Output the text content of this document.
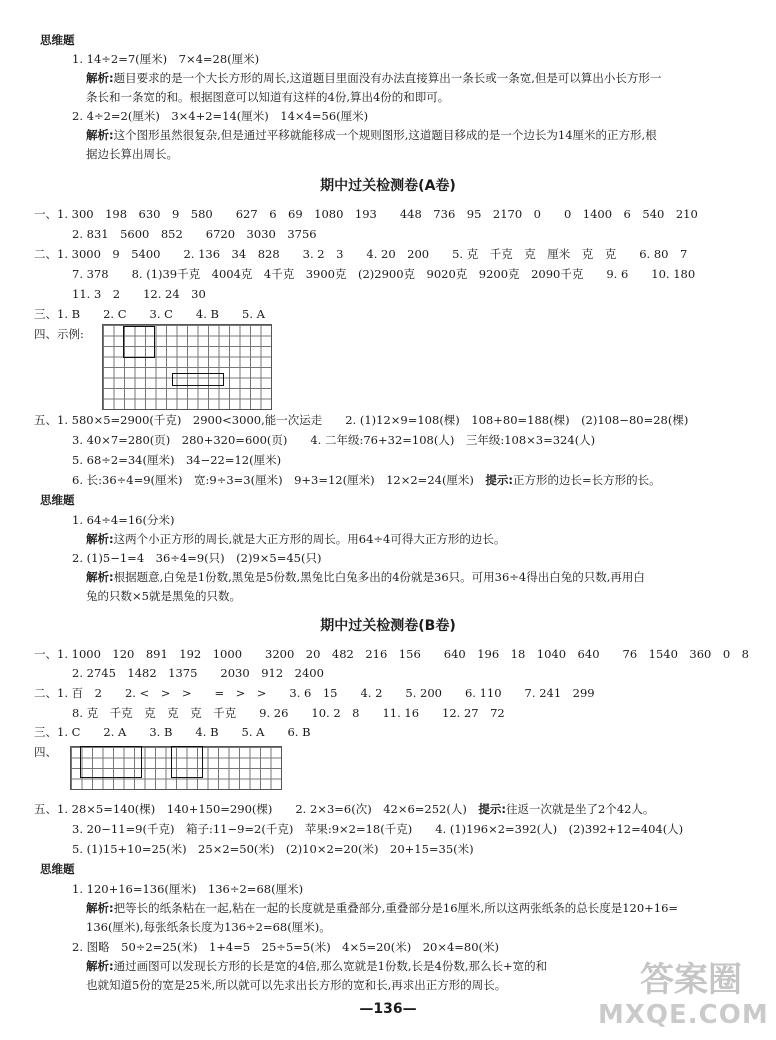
思维题
1. 14÷2=7(厘米)　7×4=28(厘米)
解析:题目要求的是一个大长方形的周长,这道题目里面没有办法直接算出一条长或一条宽,但是可以算出小长方形一
条长和一条宽的和。根据图意可以知道有这样的4份,算出4份的和即可。
2. 4÷2=2(厘米)　3×4+2=14(厘米)　14×4=56(厘米)
解析:这个图形虽然很复杂,但是通过平移就能移成一个规则图形,这道题目移成的是一个边长为14厘米的正方形,根
据边长算出周长。
期中过关检测卷(A卷)
一、1. 300　198　630　9　580　　627　6　69　1080　193　　448　736　95　2170　0　　0　1400　6　540　210
2. 831　5600　852　　6720　3030　3756
二、1. 3000　9　5400　　2. 136　34　828　　3. 2　3　　4. 20　200　　5. 克　千克　克　厘米　克　克　　6. 80　7
7. 378　　8. (1)39千克　4004克　4千克　3900克　(2)2900克　9020克　9200克　2090千克　　9. 6　　10. 180
11. 3　2　　12. 24　30
三、1. B　　2. C　　3. C　　4. B　　5. A
四、示例:
五、1. 580×5=2900(千克)　2900<3000,能一次运走　　2. (1)12×9=108(棵)　108+80=188(棵)　(2)108−80=28(棵)
3. 40×7=280(页)　280+320=600(页)　　4. 二年级:76+32=108(人)　三年级:108×3=324(人)
5. 68÷2=34(厘米)　34−22=12(厘米)
6. 长:36÷4=9(厘米)　宽:9÷3=3(厘米)　9+3=12(厘米)　12×2=24(厘米)　 提示:正方形的边长=长方形的长。
思维题
1. 64÷4=16(分米)
解析:这两个小正方形的周长,就是大正方形的周长。用64÷4可得大正方形的边长。
2. (1)5−1=4　36÷4=9(只)　(2)9×5=45(只)
解析:根据题意,白兔是1份数,黑兔是5份数,黑兔比白兔多出的4份就是36只。可用36÷4得出白兔的只数,再用白
兔的只数×5就是黑兔的只数。
期中过关检测卷(B卷)
一、1. 1000　120　891　192　1000　　3200　20　482　216　156　　640　196　18　1040　640　　76　1540　360　0　8
2. 2745　1482　1375　　2030　912　2400
二、1. 百　2　　2. <　>　>　　=　>　>　　3. 6　15　　4. 2　　5. 200　　6. 110　　7. 241　299
8. 克　千克　克　克　克　千克　　9. 26　　10. 2　8　　11. 16　　12. 27　72
三、1. C　　2. A　　3. B　　4. B　　5. A　　6. B
四、
五、1. 28×5=140(棵)　140+150=290(棵)　　2. 2×3=6(次)　42×6=252(人)　 提示:往返一次就是坐了2个42人。
3. 20−11=9(千克)　箱子:11−9=2(千克)　苹果:9×2=18(千克)　　4. (1)196×2=392(人)　(2)392+12=404(人)
5. (1)15+10=25(米)　25×2=50(米)　(2)10×2=20(米)　20+15=35(米)
思维题
1. 120+16=136(厘米)　136÷2=68(厘米)
解析:把等长的纸条粘在一起,粘在一起的长度就是重叠部分,重叠部分是16厘米,所以这两张纸条的总长度是120+16=
136(厘米),每张纸条长度为136÷2=68(厘米)。
2. 图略　50÷2=25(米)　1+4=5　25÷5=5(米)　4×5=20(米)　20×4=80(米)
解析:通过画图可以发现长方形的长是宽的4倍,那么宽就是1份数,长是4份数,那么长+宽的和
也就知道5份的宽是25米,所以就可以先求出长方形的宽和长,再求出正方形的周长。
—136—
答案圈
MXQE.COM
